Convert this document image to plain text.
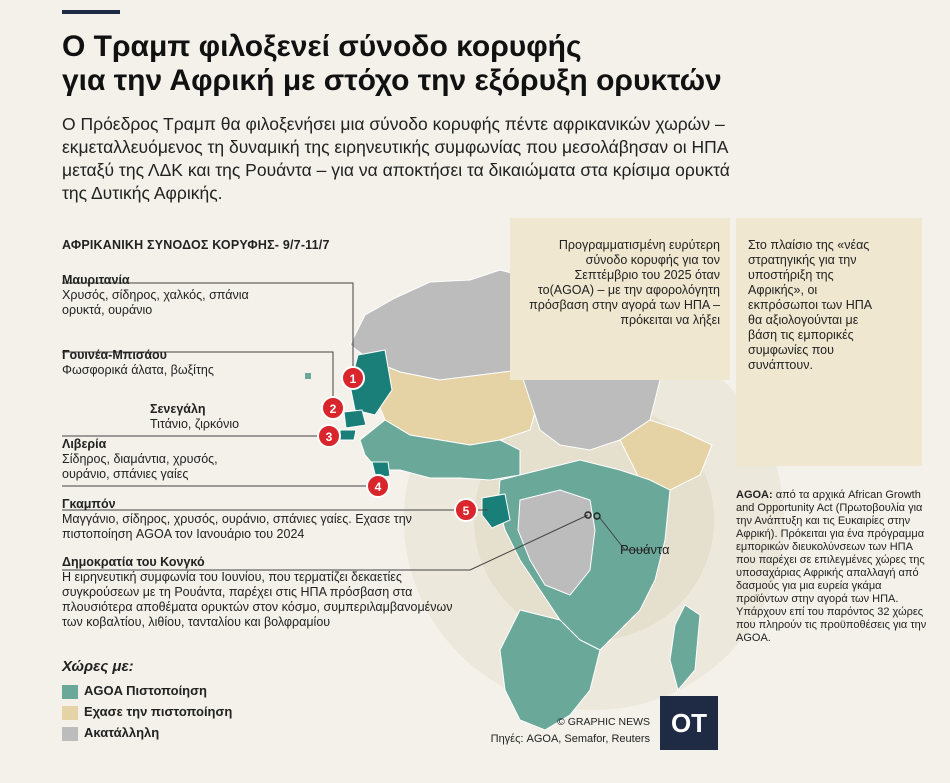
Ο Τραμπ φιλοξενεί σύνοδο κορυφής
για την Αφρική με στόχο την εξόρυξη ορυκτών
Ο Πρόεδρος Τραμπ θα φιλοξενήσει μια σύνοδο κορυφής πέντε αφρικανικών χωρών – εκμεταλλευόμενος τη δυναμική της ειρηνευτικής συμφωνίας που μεσολάβησαν οι ΗΠΑ μεταξύ της ΛΔΚ και της Ρουάντα – για να αποκτήσει τα δικαιώματα στα κρίσιμα ορυκτά της Δυτικής Αφρικής.
1
2
3
4
5
Προγραμματισμένη ευρύτερη σύνοδο κορυφής για τον Σεπτέμβριο του 2025 όταν το(AGOA) – με την αφορολόγητη πρόσβαση στην αγορά των ΗΠΑ – πρόκειται να λήξει
Στο πλαίσιο της «νέας στρατηγικής για την υποστήριξη της Αφρικής», οι εκπρόσωποι των ΗΠΑ θα αξιολογούνται με βάση τις εμπορικές συμφωνίες που συνάπτουν.
ΑΦΡΙΚΑΝΙΚΗ ΣΥΝΟΔΟΣ ΚΟΡΥΦΗΣ- 9/7-11/7
Μαυριτανία
Χρυσός, σίδηρος, χαλκός, σπάνια ορυκτά, ουράνιο
Γουινέα-Μπισάου
Φωσφορικά άλατα, βωξίτης
Σενεγάλη
Τιτάνιο, ζιρκόνιο
Λιβερία
Σίδηρος, διαμάντια, χρυσός, ουράνιο, σπάνιες γαίες
Γκαμπόν
Μαγγάνιο, σίδηρος, χρυσός, ουράνιο, σπάνιες γαίες. Εχασε την πιστοποίηση AGOA τον Ιανουάριο του 2024
Δημοκρατία του Κονγκό
Η ειρηνευτική συμφωνία του Ιουνίου, που τερματίζει δεκαετίες συγκρούσεων με τη Ρουάντα, παρέχει στις ΗΠΑ πρόσβαση στα πλουσιότερα αποθέματα ορυκτών στον κόσμο, συμπεριλαμβανομένων των κοβαλτίου, λιθίου, τανταλίου και βολφραμίου
Ρουάντα
AGOA: από τα αρχικά African Growth and Opportunity Act (Πρωτοβουλία για την Ανάπτυξη και τις Ευκαιρίες στην Αφρική). Πρόκειται για ένα πρόγραμμα εμπορικών διευκολύνσεων των ΗΠΑ που παρέχει σε επιλεγμένες χώρες της υποσαχάριας Αφρικής απαλλαγή από δασμούς για μια ευρεία γκάμα προϊόντων στην αγορά των ΗΠΑ. Υπάρχουν επί του παρόντος 32 χώρες που πληρούν τις προϋποθέσεις για την AGOA.
Χώρες με:
AGOA Πιστοποίηση
Εχασε την πιστοποίηση
Ακατάλληλη
© GRAPHIC NEWS
Πηγές: AGOA, Semafor, Reuters
OT
